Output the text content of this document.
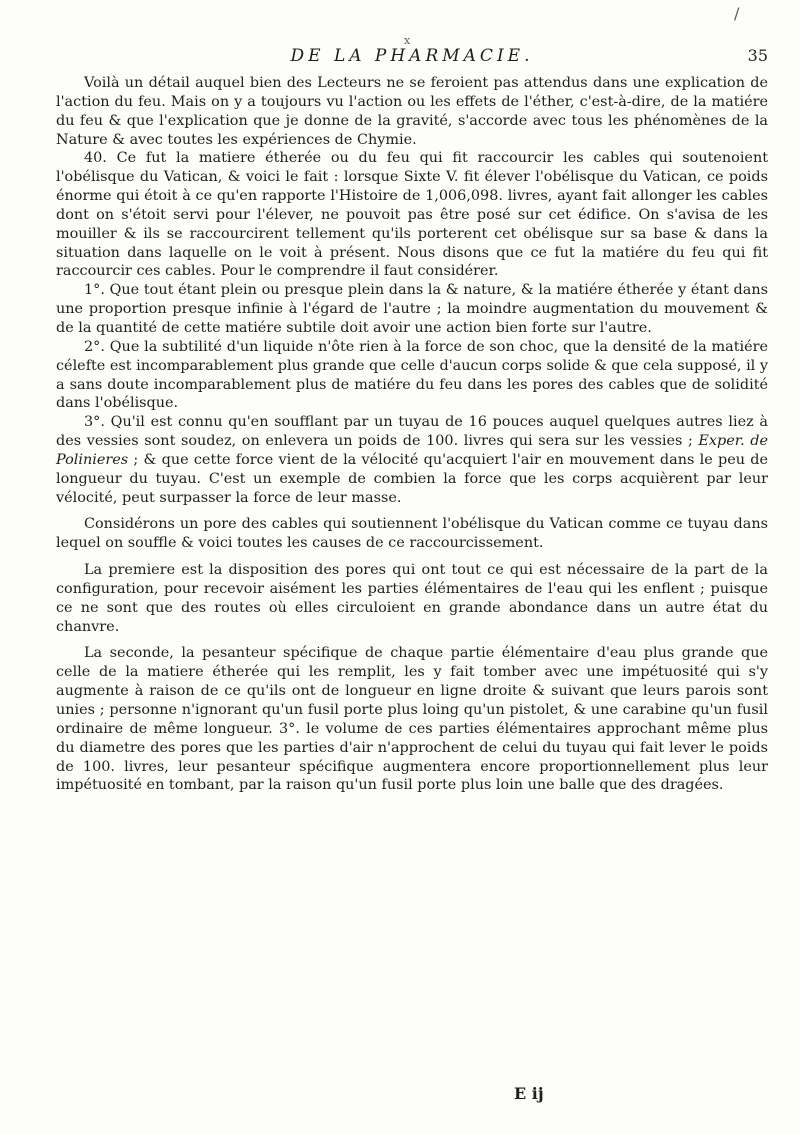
/
x
DE LA PHARMACIE.	35

Voilà un détail auquel bien des Lecteurs ne se feroient pas attendus dans une explication de l'action du feu. Mais on y a toujours vu l'action ou les effets de l'éther, c'est-à-dire, de la matiére du feu & que l'explication que je donne de la gravité, s'accorde avec tous les phénomènes de la Nature & avec toutes les expériences de Chymie.

40. Ce fut la matiere étherée ou du feu qui fit raccourcir les cables qui soutenoient l'obélisque du Vatican, & voici le fait : lorsque Sixte V. fit élever l'obélisque du Vatican, ce poids énorme qui étoit à ce qu'en rapporte l'Histoire de 1,006,098. livres, ayant fait allonger les cables dont on s'étoit servi pour l'élever, ne pouvoit pas être posé sur cet édifice. On s'avisa de les mouiller & ils se raccourcirent tellement qu'ils porterent cet obélisque sur sa base & dans la situation dans laquelle on le voit à présent. Nous disons que ce fut la matiére du feu qui fit raccourcir ces cables. Pour le comprendre il faut considérer.

1°. Que tout étant plein ou presque plein dans la & nature, & la matiére étherée y étant dans une proportion presque infinie à l'égard de l'autre ; la moindre augmentation du mouvement & de la quantité de cette matiére subtile doit avoir une action bien forte sur l'autre.

2°. Que la subtilité d'un liquide n'ôte rien à la force de son choc, que la densité de la matiére célefte est incomparablement plus grande que celle d'aucun corps solide & que cela supposé, il y a sans doute incomparablement plus de matiére du feu dans les pores des cables que de solidité dans l'obélisque.

3°. Qu'il est connu qu'en soufflant par un tuyau de 16 pouces auquel quelques autres liez à des vessies sont soudez, on enlevera un poids de 100. livres qui sera sur les vessies ; Exper. de Polinieres ; & que cette force vient de la vélocité qu'acquiert l'air en mouvement dans le peu de longueur du tuyau. C'est un exemple de combien la force que les corps acquièrent par leur vélocité, peut surpasser la force de leur masse.

Considérons un pore des cables qui soutiennent l'obélisque du Vatican comme ce tuyau dans lequel on souffle & voici toutes les causes de ce raccourcissement.

La premiere est la disposition des pores qui ont tout ce qui est nécessaire de la part de la configuration, pour recevoir aisément les parties élémentaires de l'eau qui les enflent ; puisque ce ne sont que des routes où elles circuloient en grande abondance dans un autre état du chanvre.

La seconde, la pesanteur spécifique de chaque partie élémentaire d'eau plus grande que celle de la matiere étherée qui les remplit, les y fait tomber avec une impétuosité qui s'y augmente à raison de ce qu'ils ont de longueur en ligne droite & suivant que leurs parois sont unies ; personne n'ignorant qu'un fusil porte plus loing qu'un pistolet, & une carabine qu'un fusil ordinaire de même longueur. 3°. le volume de ces parties élémentaires approchant même plus du diametre des pores que les parties d'air n'approchent de celui du tuyau qui fait lever le poids de 100. livres, leur pesanteur spécifique augmentera encore proportionnellement plus leur impétuosité en tombant, par la raison qu'un fusil porte plus loin une balle que des dragées.

E ij
